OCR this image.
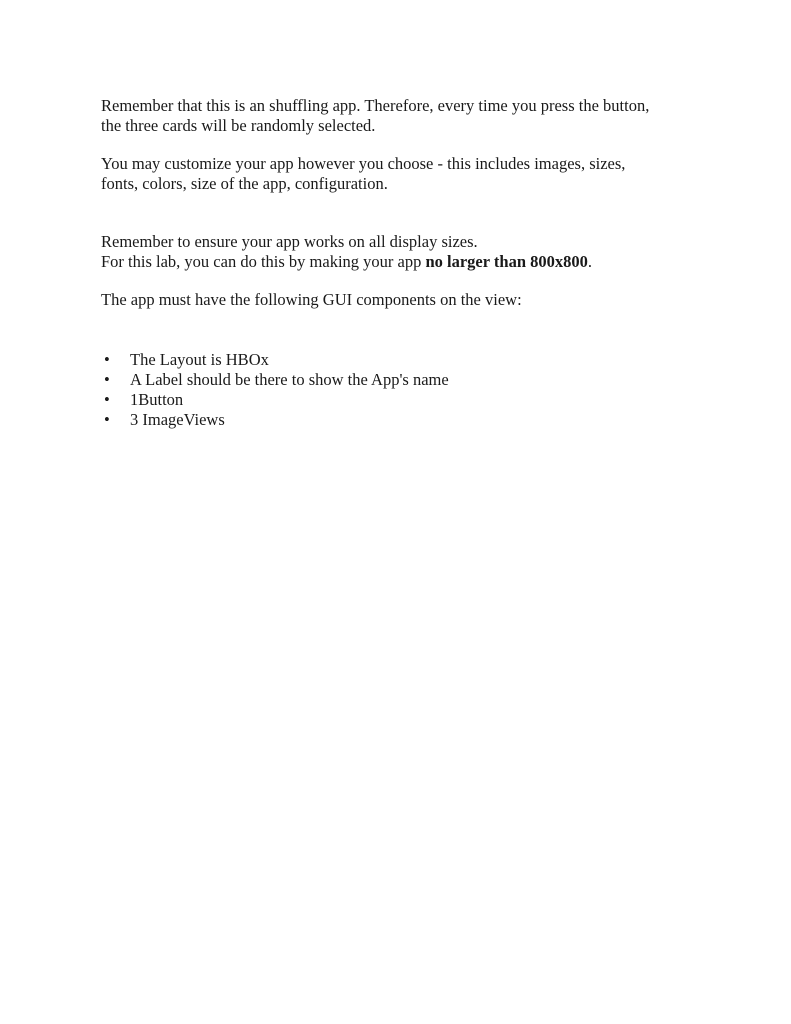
Remember that this is an shuffling app. Therefore, every time you press the button,
the three cards will be randomly selected.

You may customize your app however you choose - this includes images, sizes,
fonts, colors, size of the app, configuration.

Remember to ensure your app works on all display sizes.
For this lab, you can do this by making your app no larger than 800x800.

The app must have the following GUI components on the view:

• The Layout is HBOx
• A Label should be there to show the App's name
• 1Button
• 3 ImageViews
